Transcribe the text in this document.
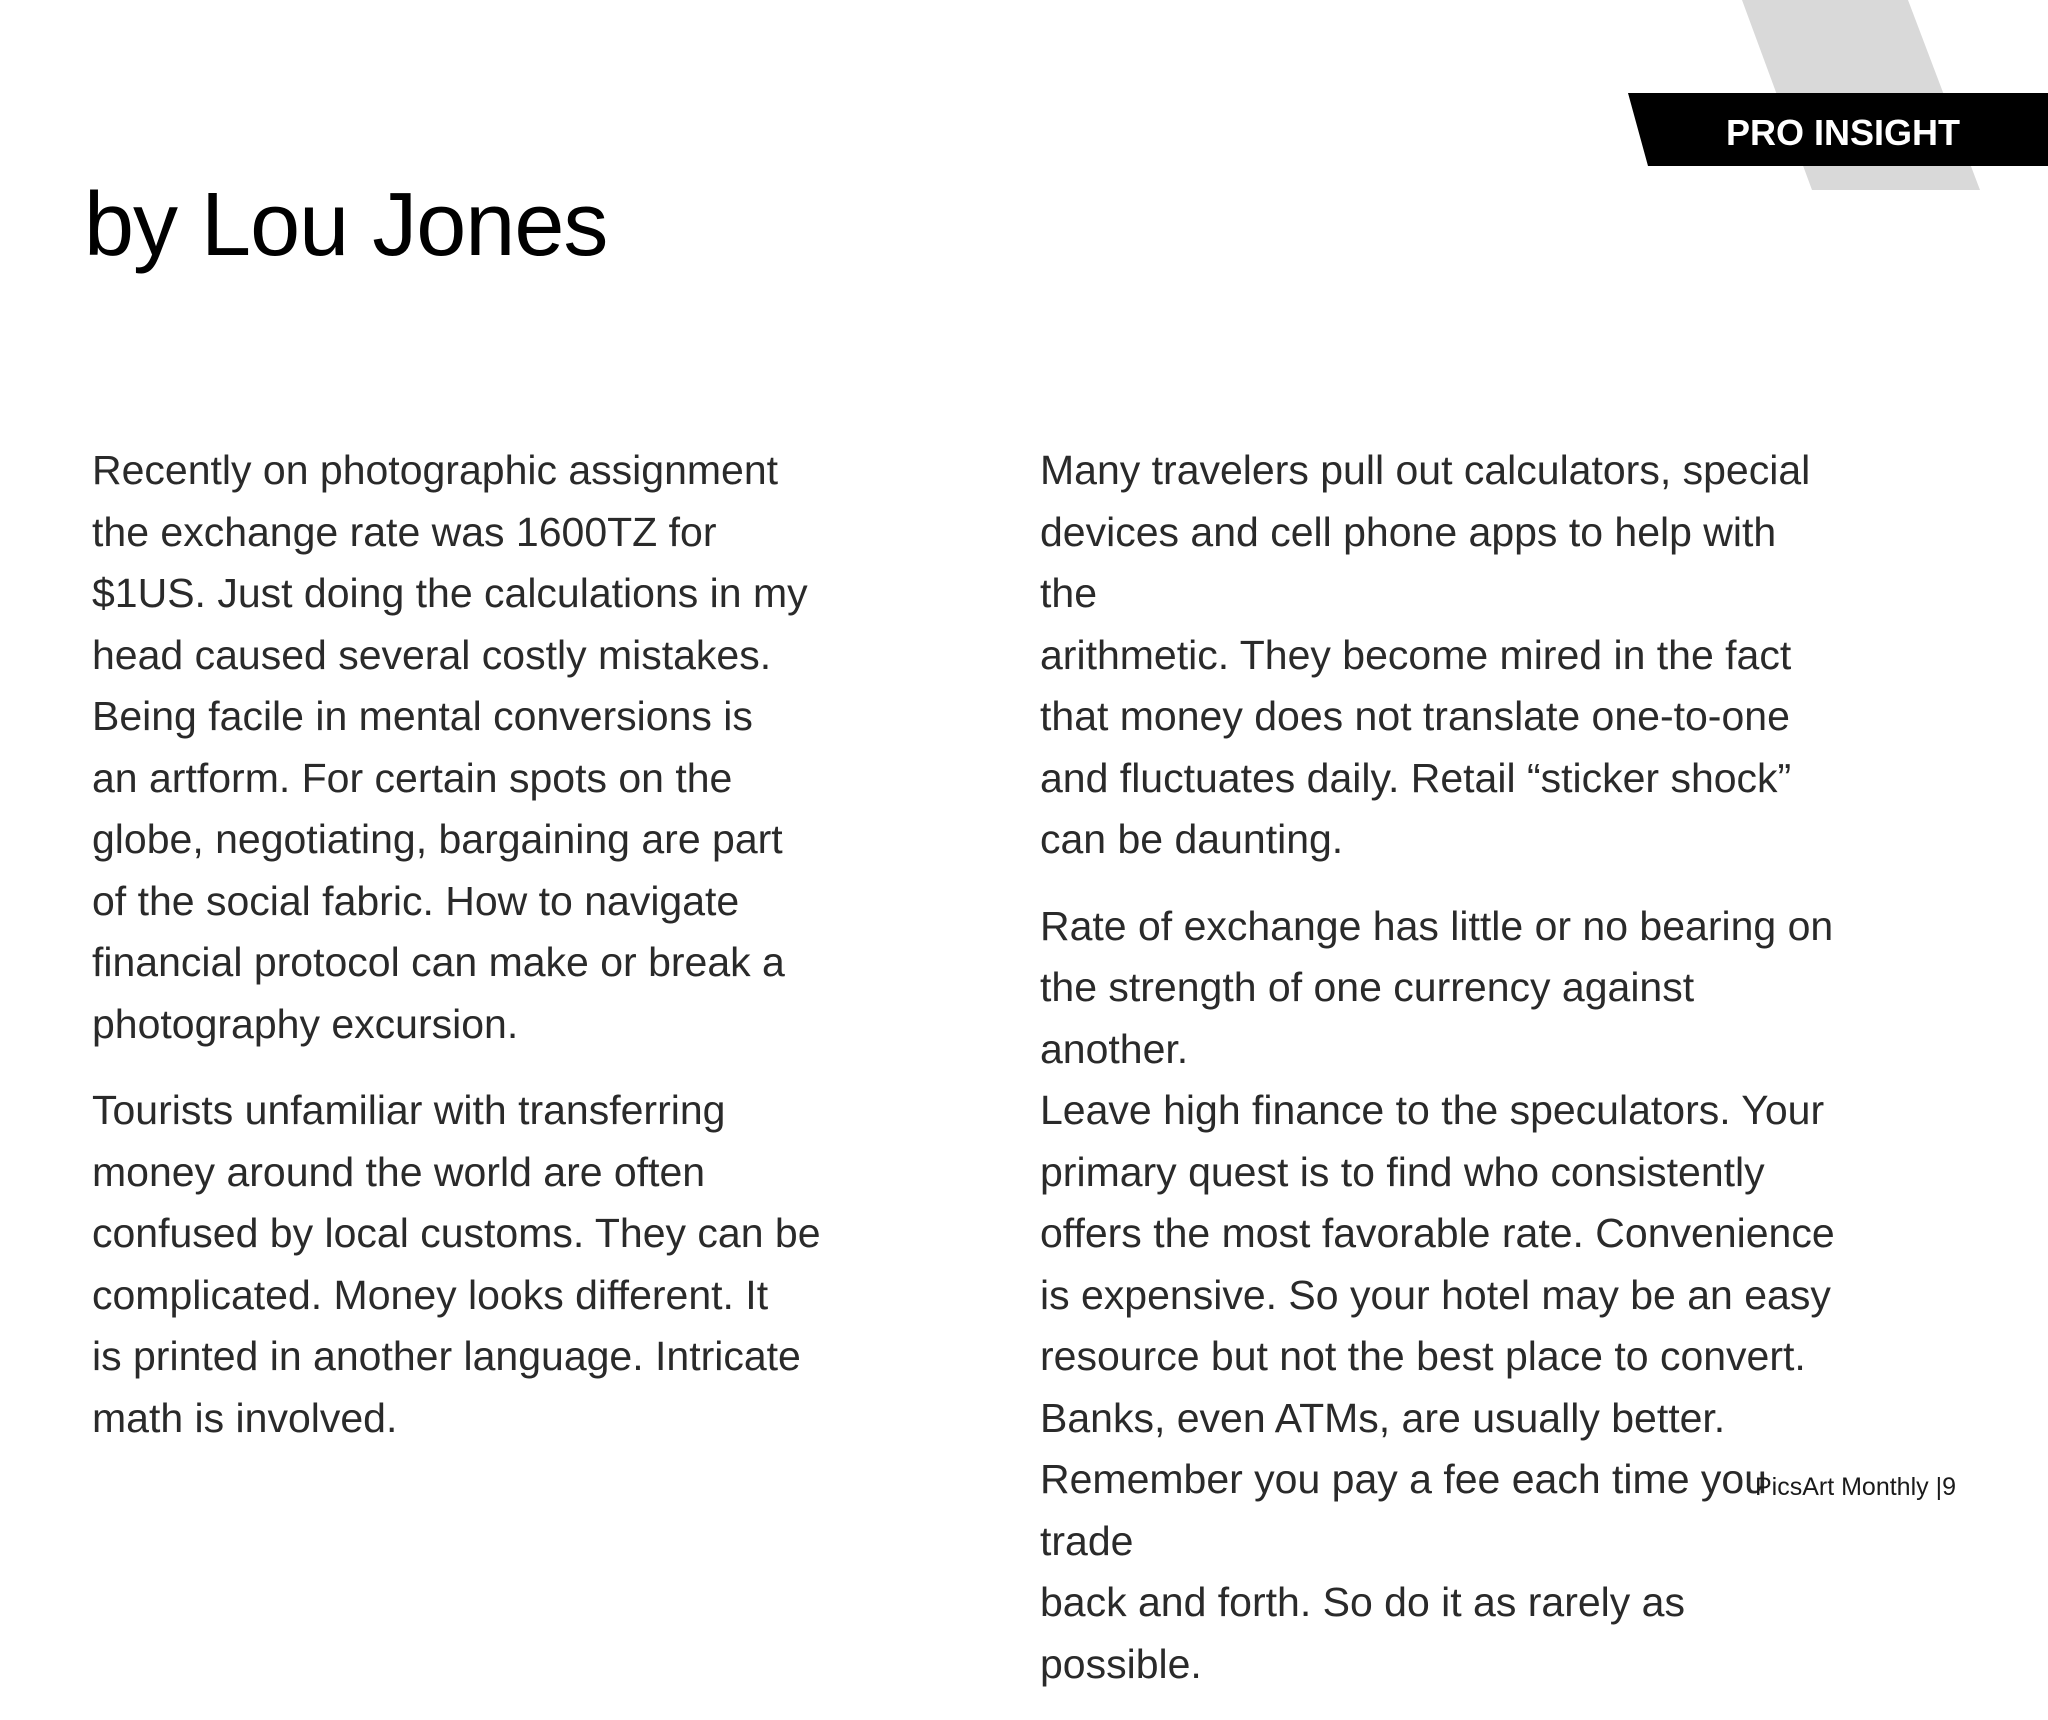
PRO INSIGHT
by Lou Jones

Recently on photographic assignment
the exchange rate was 1600TZ for
$1US. Just doing the calculations in my
head caused several costly mistakes.
Being facile in mental conversions is
an artform. For certain spots on the
globe, negotiating, bargaining are part
of the social fabric. How to navigate
financial protocol can make or break a
photography excursion.

Tourists unfamiliar with transferring
money around the world are often
confused by local customs. They can be
complicated. Money looks different. It
is printed in another language. Intricate
math is involved.

Many travelers pull out calculators, special
devices and cell phone apps to help with the
arithmetic. They become mired in the fact
that money does not translate one-to-one
and fluctuates daily. Retail “sticker shock”
can be daunting.

Rate of exchange has little or no bearing on
the strength of one currency against another.
Leave high finance to the speculators. Your
primary quest is to find who consistently
offers the most favorable rate. Convenience
is expensive. So your hotel may be an easy
resource but not the best place to convert.
Banks, even ATMs, are usually better.
Remember you pay a fee each time you trade
back and forth. So do it as rarely as possible.

PicsArt Monthly |9
